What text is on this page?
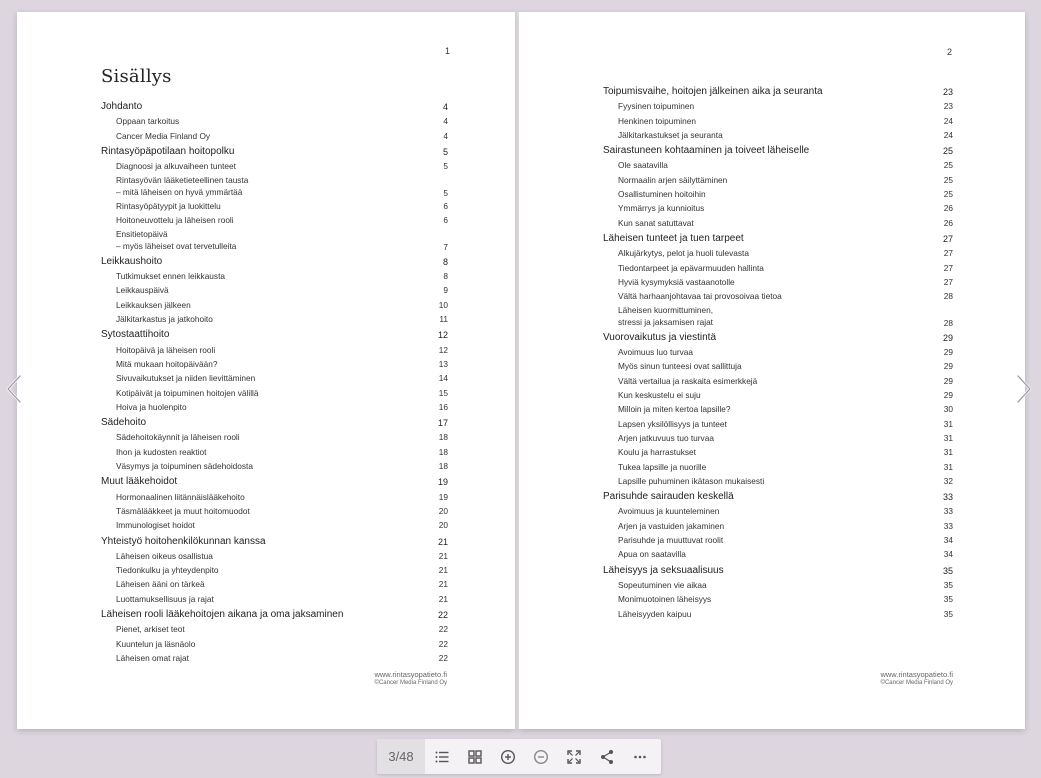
1
Sisällys
Johdanto	4
Oppaan tarkoitus	4
Cancer Media Finland Oy	4
Rintasyöpäpotilaan hoitopolku	5
Diagnoosi ja alkuvaiheen tunteet	5
Rintasyövän lääketieteellinen tausta
– mitä läheisen on hyvä ymmärtää	5
Rintasyöpätyypit ja luokittelu	6
Hoitoneuvottelu ja läheisen rooli	6
Ensitietopäivä
– myös läheiset ovat tervetulleita	7
Leikkaushoito	8
Tutkimukset ennen leikkausta	8
Leikkauspäivä	9
Leikkauksen jälkeen	10
Jälkitarkastus ja jatkohoito	11
Sytostaattihoito	12
Hoitopäivä ja läheisen rooli	12
Mitä mukaan hoitopäivään?	13
Sivuvaikutukset ja niiden lievittäminen	14
Kotipäivät ja toipuminen hoitojen välillä	15
Hoiva ja huolenpito	16
Sädehoito	17
Sädehoitokäynnit ja läheisen rooli	18
Ihon ja kudosten reaktiot	18
Väsymys ja toipuminen sädehoidosta	18
Muut lääkehoidot	19
Hormonaalinen liitännäislääkehoito	19
Täsmälääkkeet ja muut hoitomuodot	20
Immunologiset hoidot	20
Yhteistyö hoitohenkilökunnan kanssa	21
Läheisen oikeus osallistua	21
Tiedonkulku ja yhteydenpito	21
Läheisen ääni on tärkeä	21
Luottamuksellisuus ja rajat	21
Läheisen rooli lääkehoitojen aikana ja oma jaksaminen	22
Pienet, arkiset teot	22
Kuuntelun ja läsnäolo	22
Läheisen omat rajat	22
www.rintasyopatieto.fi
©Cancer Media Finland Oy
2
Toipumisvaihe, hoitojen jälkeinen aika ja seuranta	23
Fyysinen toipuminen	23
Henkinen toipuminen	24
Jälkitarkastukset ja seuranta	24
Sairastuneen kohtaaminen ja toiveet läheiselle	25
Ole saatavilla	25
Normaalin arjen säilyttäminen	25
Osallistuminen hoitoihin	25
Ymmärrys ja kunnioitus	26
Kun sanat satuttavat	26
Läheisen tunteet ja tuen tarpeet	27
Alkujärkytys, pelot ja huoli tulevasta	27
Tiedontarpeet ja epävarmuuden hallinta	27
Hyviä kysymyksiä vastaanotolle	27
Vältä harhaanjohtavaa tai provosoivaa tietoa	28
Läheisen kuormittuminen,
stressi ja jaksamisen rajat	28
Vuorovaikutus ja viestintä	29
Avoimuus luo turvaa	29
Myös sinun tunteesi ovat sallittuja	29
Vältä vertailua ja raskaita esimerkkejä	29
Kun keskustelu ei suju	29
Milloin ja miten kertoa lapsille?	30
Lapsen yksilöllisyys ja tunteet	31
Arjen jatkuvuus tuo turvaa	31
Koulu ja harrastukset	31
Tukea lapsille ja nuorille	31
Lapsille puhuminen ikätason mukaisesti	32
Parisuhde sairauden keskellä	33
Avoimuus ja kuunteleminen	33
Arjen ja vastuiden jakaminen	33
Parisuhde ja muuttuvat roolit	34
Apua on saatavilla	34
Läheisyys ja seksuaalisuus	35
Sopeutuminen vie aikaa	35
Monimuotoinen läheisyys	35
Läheisyyden kaipuu	35
www.rintasyopatieto.fi
©Cancer Media Finland Oy
3/48
